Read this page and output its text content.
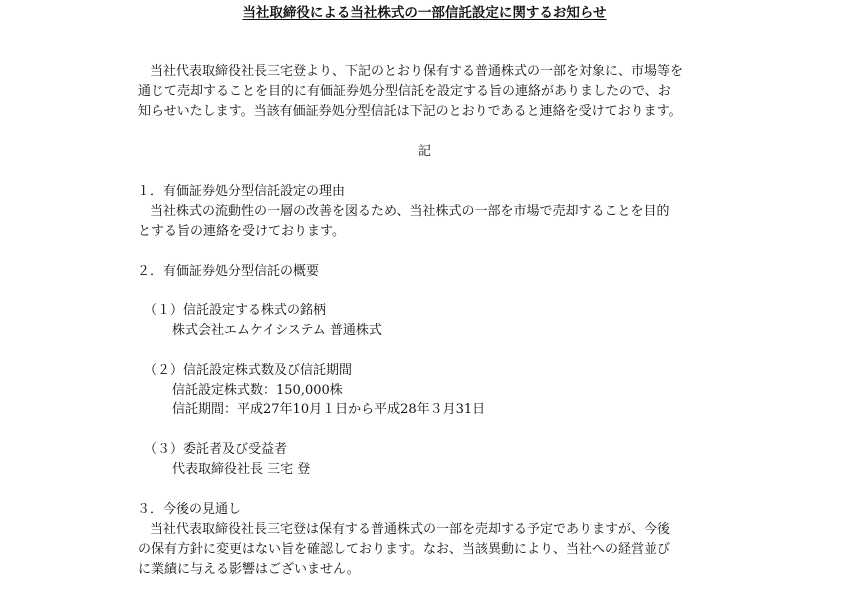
当社取締役による当社株式の一部信託設定に関するお知らせ
当社代表取締役社長三宅登より、下記のとおり保有する普通株式の一部を対象に、市場等を
通じて売却することを目的に有価証券処分型信託を設定する旨の連絡がありましたので、お
知らせいたします。当該有価証券処分型信託は下記のとおりであると連絡を受けております。
記
１．有価証券処分型信託設定の理由
当社株式の流動性の一層の改善を図るため、当社株式の一部を市場で売却することを目的
とする旨の連絡を受けております。
２．有価証券処分型信託の概要
（１）信託設定する株式の銘柄
株式会社エムケイシステム 普通株式
（２）信託設定株式数及び信託期間
信託設定株式数：150,000株
信託期間：平成27年10月１日から平成28年３月31日
（３）委託者及び受益者
代表取締役社長 三宅 登
３．今後の見通し
当社代表取締役社長三宅登は保有する普通株式の一部を売却する予定でありますが、今後
の保有方針に変更はない旨を確認しております。なお、当該異動により、当社への経営並び
に業績に与える影響はございません。
